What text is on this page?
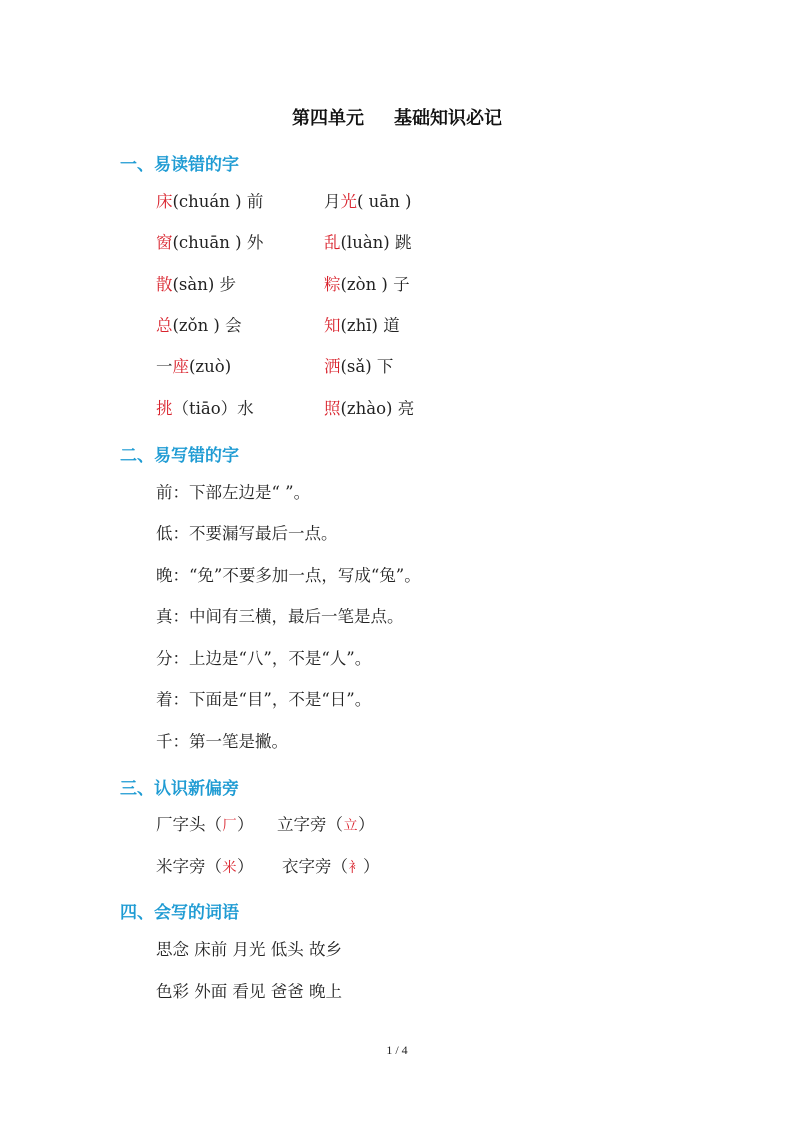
第四单元 基础知识必记
一、易读错的字
床(chuán ) 前	月光( uān )
窗(chuān ) 外	乱(luàn) 跳
散(sàn) 步	粽(zòn ) 子
总(zǒn ) 会	知(zhī) 道
一座(zuò)	洒(sǎ) 下
挑（tiāo）水	照(zhào) 亮
二、易写错的字
前：下部左边是“ ”。
低：不要漏写最后一点。
晚：“免”不要多加一点，写成“兔”。
真：中间有三横，最后一笔是点。
分：上边是“八”，不是“人”。
着：下面是“目”，不是“日”。
千：第一笔是撇。
三、认识新偏旁
厂字头（厂） 立字旁（立）
米字旁（米） 衣字旁（衤）
四、会写的词语
思念 床前 月光 低头 故乡
色彩 外面 看见 爸爸 晚上
1 / 4
